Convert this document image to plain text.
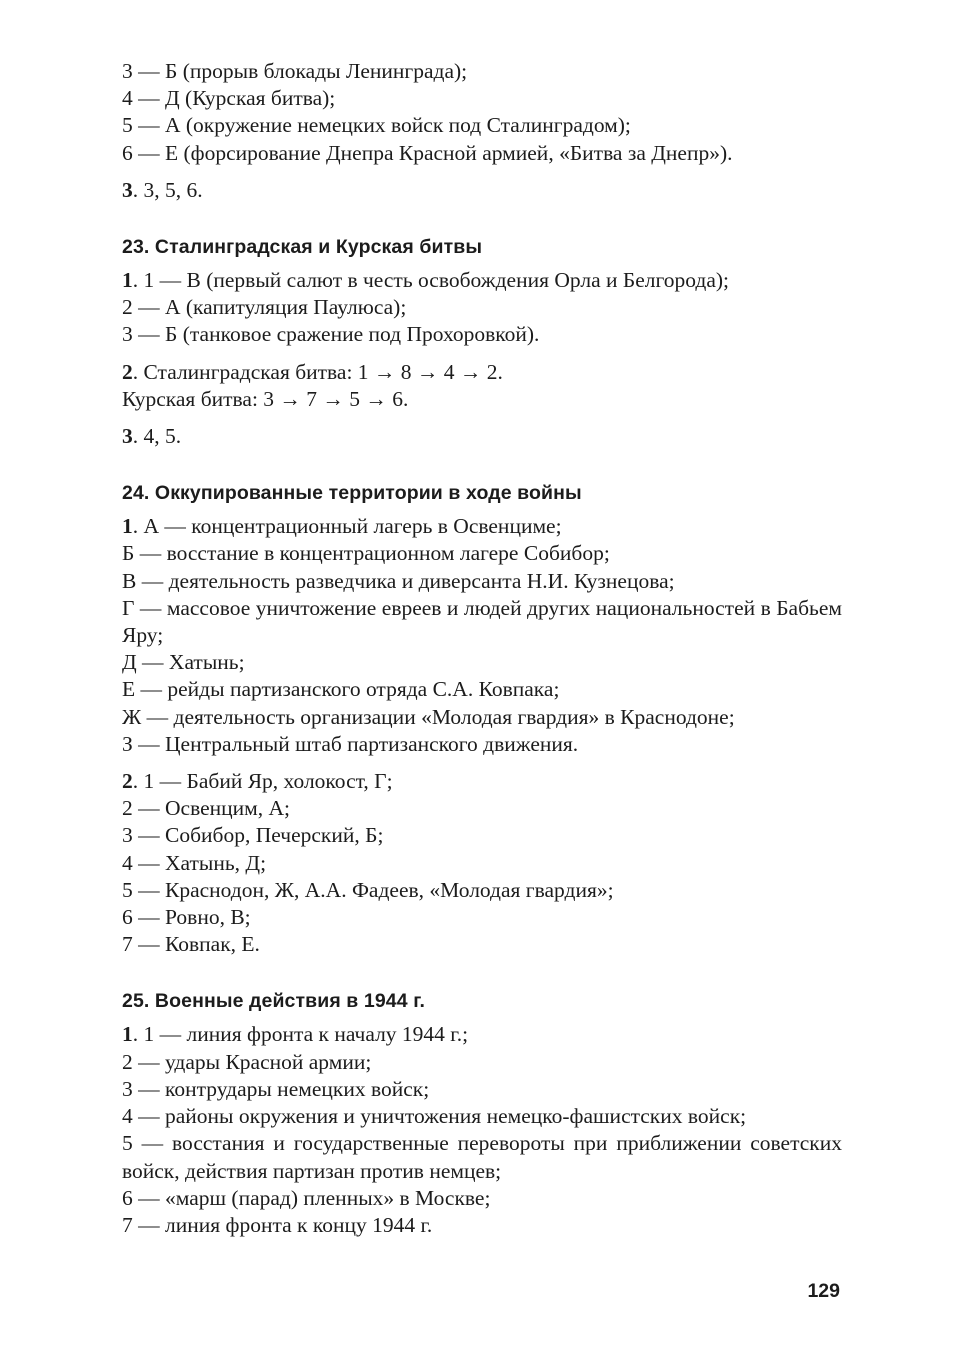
3 — Б (прорыв блокады Ленинграда);
4 — Д (Курская битва);
5 — А (окружение немецких войск под Сталинградом);
6 — Е (форсирование Днепра Красной армией, «Битва за Днепр»).
3. 3, 5, 6.
23. Сталинградская и Курская битвы
1. 1 — В (первый салют в честь освобождения Орла и Белгорода);
2 — А (капитуляция Паулюса);
3 — Б (танковое сражение под Прохоровкой).
2. Сталинградская битва: 1 → 8 → 4 → 2.
Курская битва: 3 → 7 → 5 → 6.
3. 4, 5.
24. Оккупированные территории в ходе войны
1. А — концентрационный лагерь в Освенциме;
Б — восстание в концентрационном лагере Собибор;
В — деятельность разведчика и диверсанта Н.И. Кузнецова;
Г — массовое уничтожение евреев и людей других национальностей в Бабьем Яру;
Д — Хатынь;
Е — рейды партизанского отряда С.А. Ковпака;
Ж — деятельность организации «Молодая гвардия» в Краснодоне;
З — Центральный штаб партизанского движения.
2. 1 — Бабий Яр, холокост, Г;
2 — Освенцим, А;
3 — Собибор, Печерский, Б;
4 — Хатынь, Д;
5 — Краснодон, Ж, А.А. Фадеев, «Молодая гвардия»;
6 — Ровно, В;
7 — Ковпак, Е.
25. Военные действия в 1944 г.
1. 1 — линия фронта к началу 1944 г.;
2 — удары Красной армии;
3 — контрудары немецких войск;
4 — районы окружения и уничтожения немецко-фашистских войск;
5 — восстания и государственные перевороты при приближении советских войск, действия партизан против немцев;
6 — «марш (парад) пленных» в Москве;
7 — линия фронта к концу 1944 г.
129
